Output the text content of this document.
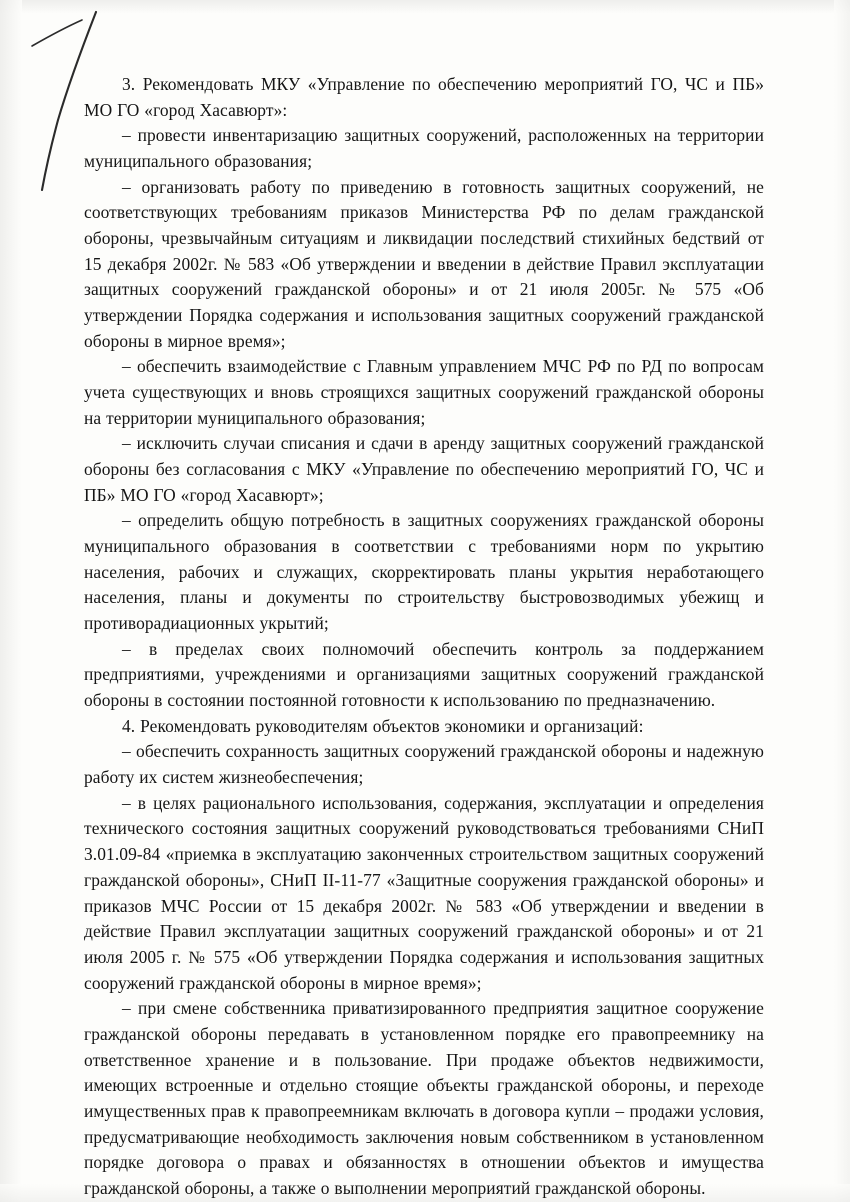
3. Рекомендовать МКУ «Управление по обеспечению мероприятий ГО, ЧС и ПБ» МО ГО «город Хасавюрт»:

– провести инвентаризацию защитных сооружений, расположенных на территории муниципального образования;

– организовать работу по приведению в готовность защитных сооружений, не соответствующих требованиям приказов Министерства РФ по делам гражданской обороны, чрезвычайным ситуациям и ликвидации последствий стихийных бедствий от 15 декабря 2002г. № 583 «Об утверждении и введении в действие Правил эксплуатации защитных сооружений гражданской обороны» и от 21 июля 2005г. № 575 «Об утверждении Порядка содержания и использования защитных сооружений гражданской обороны в мирное время»;

– обеспечить взаимодействие с Главным управлением МЧС РФ по РД по вопросам учета существующих и вновь строящихся защитных сооружений гражданской обороны на территории муниципального образования;

– исключить случаи списания и сдачи в аренду защитных сооружений гражданской обороны без согласования с МКУ «Управление по обеспечению мероприятий ГО, ЧС и ПБ» МО ГО «город Хасавюрт»;

– определить общую потребность в защитных сооружениях гражданской обороны муниципального образования в соответствии с требованиями норм по укрытию населения, рабочих и служащих, скорректировать планы укрытия неработающего населения, планы и документы по строительству быстровозводимых убежищ и противорадиационных укрытий;

– в пределах своих полномочий обеспечить контроль за поддержанием предприятиями, учреждениями и организациями защитных сооружений гражданской обороны в состоянии постоянной готовности к использованию по предназначению.

4. Рекомендовать руководителям объектов экономики и организаций:

– обеспечить сохранность защитных сооружений гражданской обороны и надежную работу их систем жизнеобеспечения;

– в целях рационального использования, содержания, эксплуатации и определения технического состояния защитных сооружений руководствоваться требованиями СНиП 3.01.09-84 «приемка в эксплуатацию законченных строительством защитных сооружений гражданской обороны», СНиП II-11-77 «Защитные сооружения гражданской обороны» и приказов МЧС России от 15 декабря 2002г. № 583 «Об утверждении и введении в действие Правил эксплуатации защитных сооружений гражданской обороны» и от 21 июля 2005 г. № 575 «Об утверждении Порядка содержания и использования защитных сооружений гражданской обороны в мирное время»;

– при смене собственника приватизированного предприятия защитное сооружение гражданской обороны передавать в установленном порядке его правопреемнику на ответственное хранение и в пользование. При продаже объектов недвижимости, имеющих встроенные и отдельно стоящие объекты гражданской обороны, и переходе имущественных прав к правопреемникам включать в договора купли – продажи условия, предусматривающие необходимость заключения новым собственником в установленном порядке договора о правах и обязанностях в отношении объектов и имущества гражданской обороны, а также о выполнении мероприятий гражданской обороны.
